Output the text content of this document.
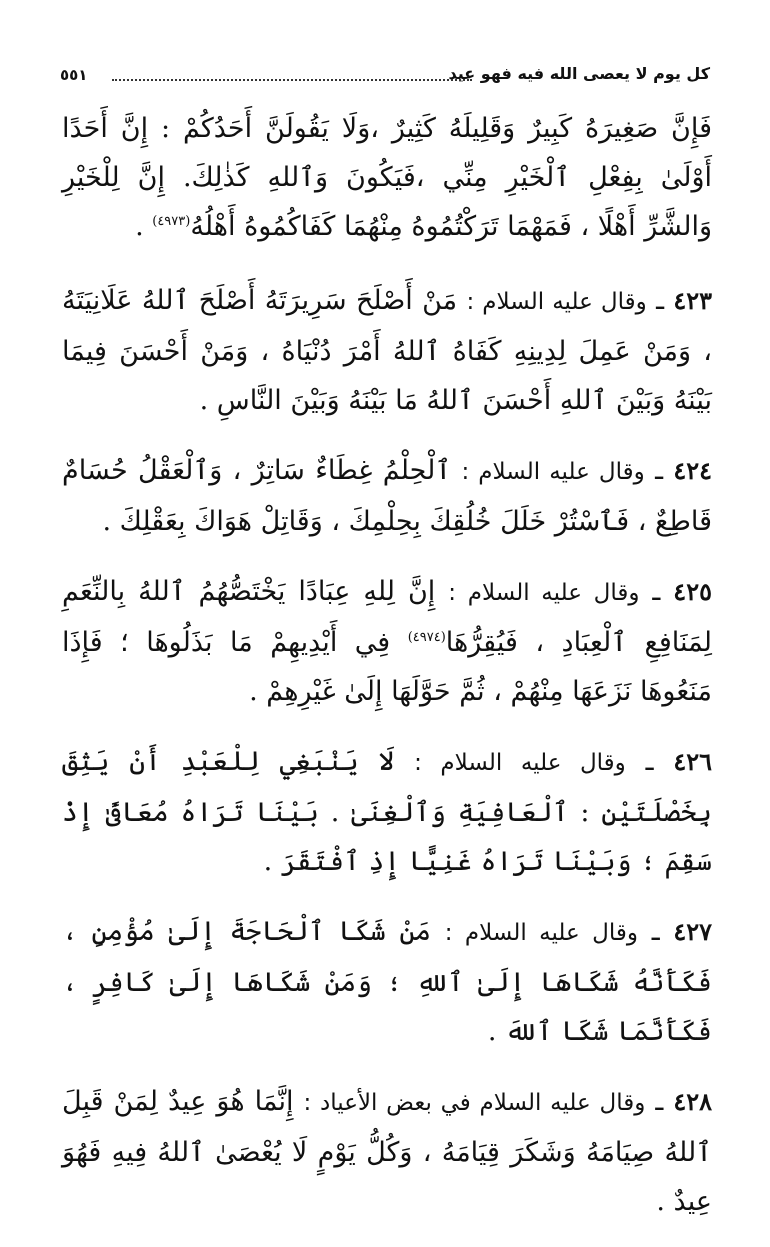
كل يوم لا يعصى الله فيه فهو عيد
٥٥١

فَإِنَّ صَغِيرَهُ كَبِيرٌ وَقَلِيلَهُ كَثِيرٌ ،وَلَا يَقُولَنَّ أَحَدُكُمْ : إِنَّ أَحَدًا أَوْلَىٰ بِفِعْلِ ٱلْخَيْرِ مِنِّي ،فَيَكُونَ وَٱللهِ كَذٰلِكَ. إِنَّ لِلْخَيْرِ وَالشَّرِّ أَهْلًا ، فَمَهْمَا تَرَكْتُمُوهُ مِنْهُمَا كَفَاكُمُوهُ أَهْلُهُ$^{(٤٩٧٣)}$ .

٤٢٣ ـ وقال عليه السلام : مَنْ أَصْلَحَ سَرِيرَتَهُ أَصْلَحَ ٱللهُ عَلَانِيَتَهُ ، وَمَنْ عَمِلَ لِدِينِهِ كَفَاهُ ٱللهُ أَمْرَ دُنْيَاهُ ، وَمَنْ أَحْسَنَ فِيمَا بَيْنَهُ وَبَيْنَ ٱللهِ أَحْسَنَ ٱللهُ مَا بَيْنَهُ وَبَيْنَ النَّاسِ .

٤٢٤ ـ وقال عليه السلام : ٱلْحِلْمُ غِطَاءٌ سَاتِرٌ ، وَٱلْعَقْلُ حُسَامٌ قَاطِعٌ ، فَٱسْتُرْ خَلَلَ خُلُقِكَ بِحِلْمِكَ ، وَقَاتِلْ هَوَاكَ بِعَقْلِكَ .

٤٢٥ ـ وقال عليه السلام : إِنَّ لِلهِ عِبَادًا يَخْتَصُّهُمُ ٱللهُ بِالنِّعَمِ لِمَنَافِعِ ٱلْعِبَادِ ، فَيُقِرُّهَا$^{(٤٩٧٤)}$ فِي أَيْدِيهِمْ مَا بَذَلُوهَا ؛ فَإِذَا مَنَعُوهَا نَزَعَهَا مِنْهُمْ ، ثُمَّ حَوَّلَهَا إِلَىٰ غَيْرِهِمْ .

٤٢٦ ـ وقال عليه السلام : لَا يَنْبَغِي لِلْعَبْدِ أَنْ يَثِقَ بِخَصْلَتَيْنِ : ٱلْعَافِيَةِ وَٱلْغِنَىٰ . بَيْنَا تَرَاهُ مُعَافًىٰ إِذْ سَقِمَ ؛ وَبَيْنَا تَرَاهُ غَنِيًّا إِذِ ٱفْتَقَرَ .

٤٢٧ ـ وقال عليه السلام : مَنْ شَكَا ٱلْحَاجَةَ إِلَىٰ مُؤْمِنٍ ، فَكَأَنَّهُ شَكَاهَا إِلَىٰ ٱللهِ ؛ وَمَنْ شَكَاهَا إِلَىٰ كَافِرٍ ، فَكَأَنَّمَا شَكَا ٱللهَ .

٤٢٨ ـ وقال عليه السلام في بعض الأعياد : إِنَّمَا هُوَ عِيدٌ لِمَنْ قَبِلَ ٱللهُ صِيَامَهُ وَشَكَرَ قِيَامَهُ ، وَكُلُّ يَوْمٍ لَا يُعْصَىٰ ٱللهُ فِيهِ فَهُوَ عِيدٌ .
